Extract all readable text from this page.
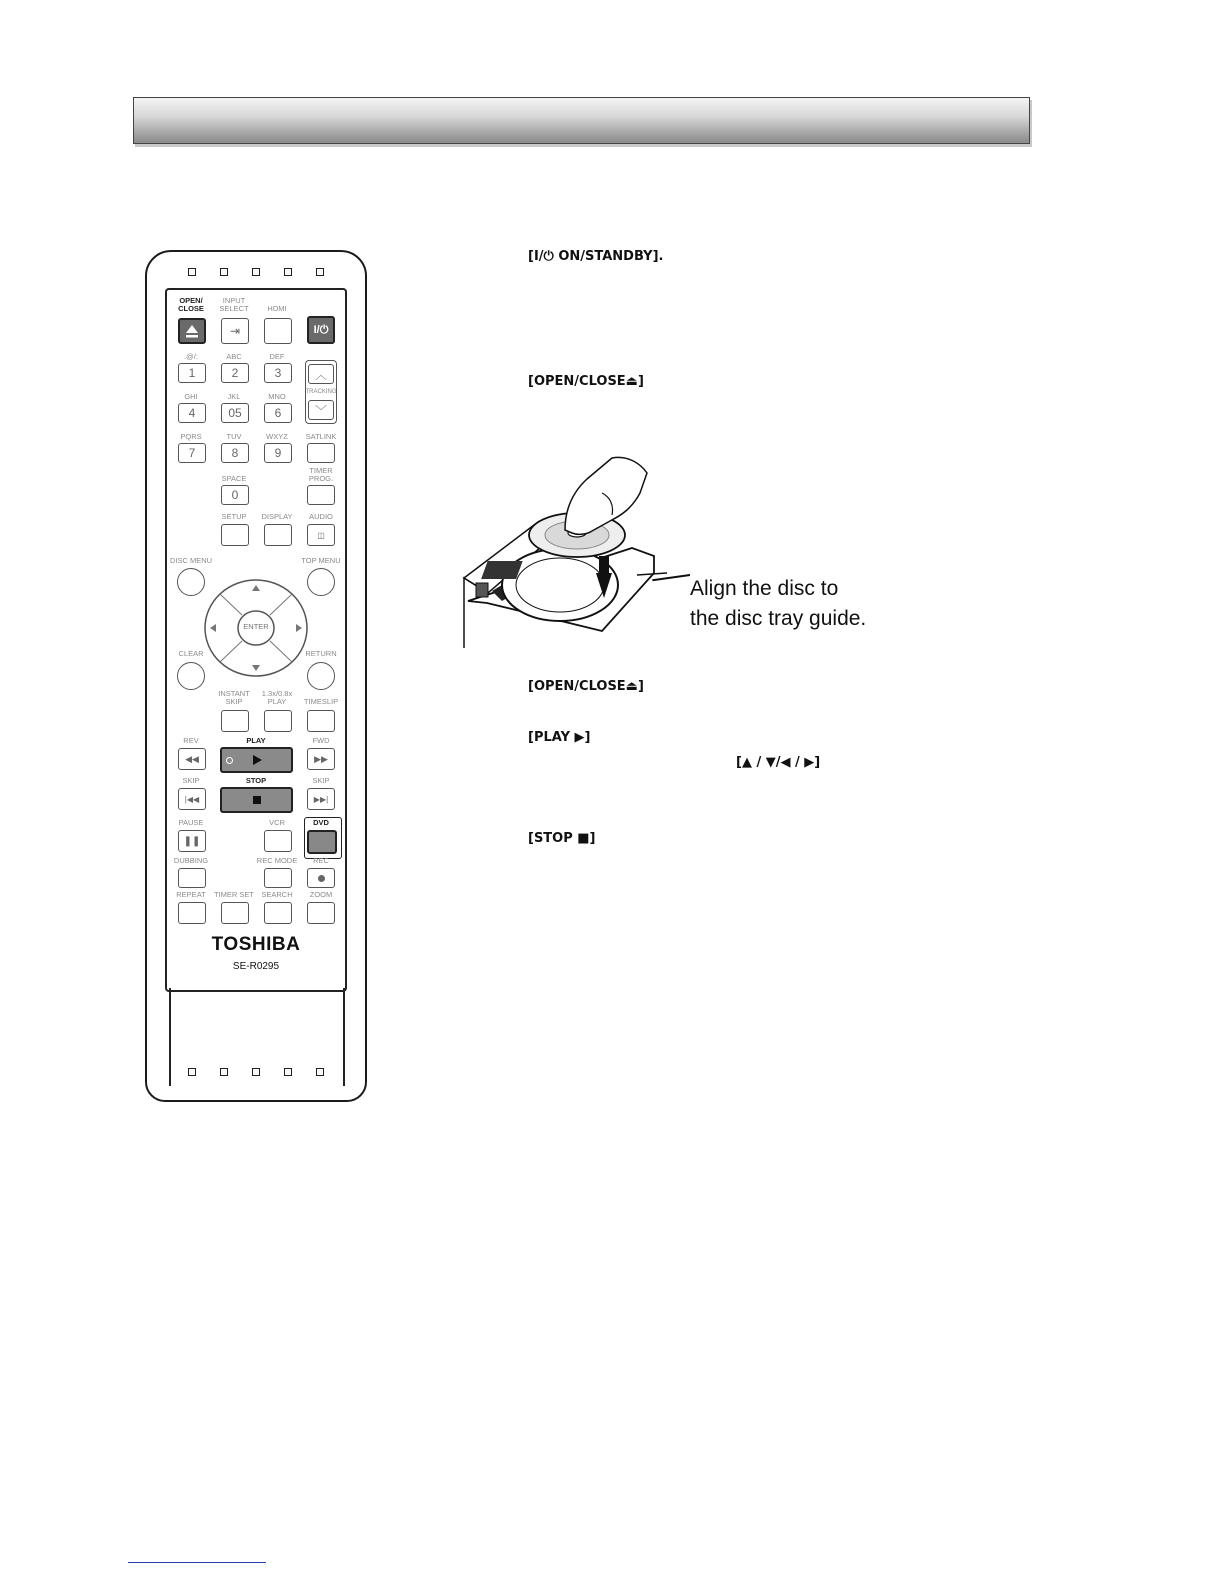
OPEN/
CLOSE
INPUT
SELECT
⇥
HDMI
I/⏻
.@/:	ABC	DEF
1	2	3	︿
TRACKING
﹀
GHI	JKL	MNO
4	05	6
PQRS	TUV	WXYZ	SATLINK
7	8	9
SPACE
TIMER
PROG.
0
SETUP	DISPLAY	AUDIO
◫
DISC MENU	TOP MENU
ENTER
CLEAR	RETURN
INSTANT
SKIP
1.3x/0.8x
PLAY	TIMESLIP
REV	PLAY	FWD
◀◀	▶▶
SKIP	STOP	SKIP
|◀◀	▶▶|
PAUSE	VCR	DVD
❚❚
DUBBING	REC MODE	REC
REPEAT	TIMER SET SEARCH	ZOOM
TOSHIBA
SE-R0295
[I/⏻ ON/STANDBY].
[OPEN/CLOSE⏏]
Align the disc to
the disc tray guide.
[OPEN/CLOSE⏏]
[PLAY ▶]
[▲ / ▼/◀ / ▶]
[STOP ■]
